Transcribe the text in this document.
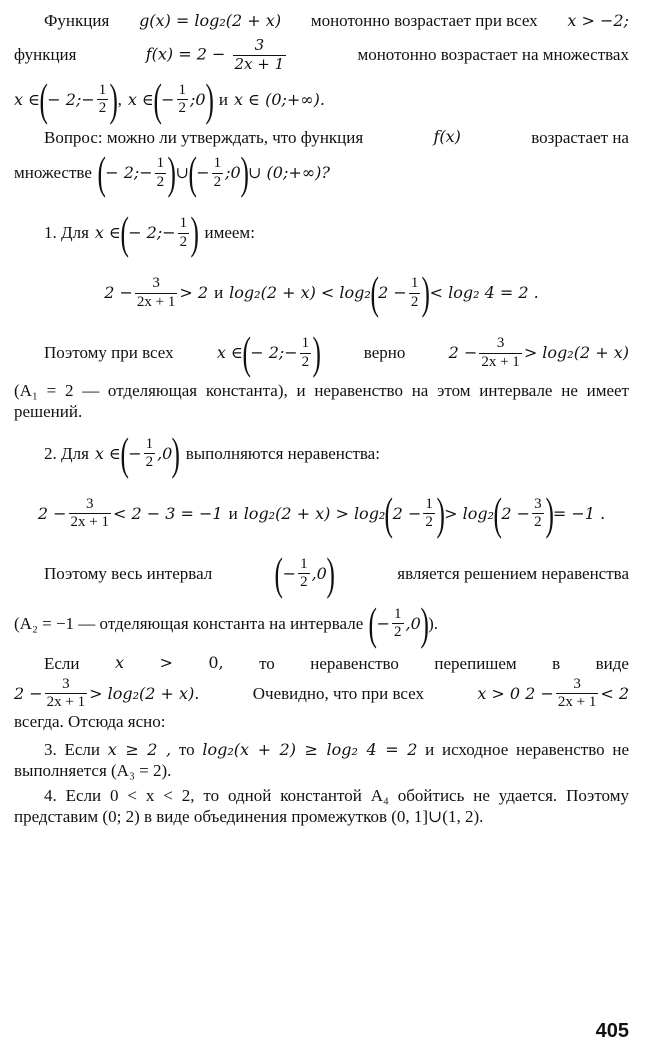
Функция g(x) = log₂(2 + x) монотонно возрастает при всех x > −2;
функция	$f(x) = 2 - \frac{3}{2x + 1}$	монотонно возрастает на множествах
x ∈ ( − 2;− $\frac{1}{2}$ ) , x ∈ ( − $\frac{1}{2}$ ;0 ) и x ∈ (0;+∞).
Вопрос: можно ли утверждать, что функция	f(x)	возрастает на
множестве ( − 2;− $\frac{1}{2}$ ) ∪ ( − $\frac{1}{2}$ ;0 ) ∪ (0;+∞)?
1. Для x ∈ ( − 2;− $\frac{1}{2}$ ) имеем:
$2 - \frac{3}{2x + 1} > 2$ и log₂(2 + x) < log₂ ( $2 - \frac{1}{2}$ ) < log₂ 4 = 2 .
Поэтому при всех	x ∈ ( − 2;− $\frac{1}{2}$ )	верно	$2 - \frac{3}{2x + 1} > \log_2(2 + x)$

(A₁ = 2 — отделяющая константа), и неравенство на этом интервале не имеет решений.

2. Для x ∈ ( − $\frac{1}{2} ,0$ ) выполняются неравенства:
$2 - \frac{3}{2x + 1} < 2 - 3 = -1$ и log₂(2 + x) > log₂ ( $2 - \frac{1}{2}$ ) > log₂ ( $2 - \frac{3}{2}$ ) = −1 .
Поэтому весь интервал ( − $\frac{1}{2} ,0$ )	является решением неравенства
(A₂ = −1 — отделяющая константа на интервале ( − $\frac{1}{2} ,0$ ) ).
Если x > 0, то неравенство перепишем в виде
$2 - \frac{3}{2x + 1} > \log_2(2 + x)$.	Очевидно, что при всех	x > 0 $2 - \frac{3}{2x + 1} < 2$

всегда. Отсюда ясно:

3. Если x ≥ 2 , то log₂(x + 2) ≥ log₂ 4 = 2 и исходное неравенство не выполняется (A₃ = 2).

4. Если 0 < x < 2, то одной константой A₄ обойтись не удается. Поэтому представим (0; 2) в виде объединения промежутков (0, 1]∪(1, 2).

405
